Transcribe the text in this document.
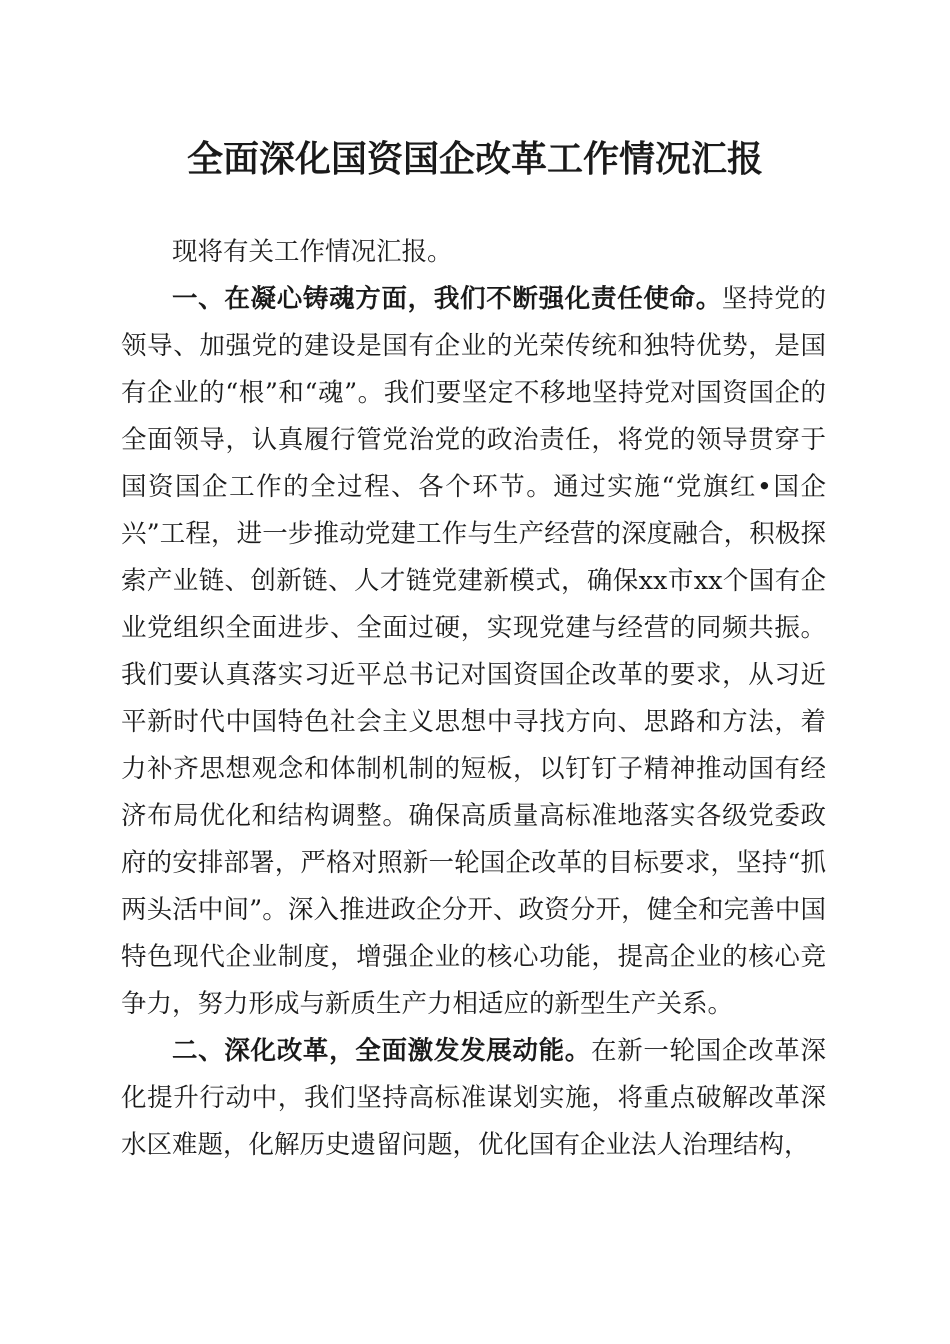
全面深化国资国企改革工作情况汇报

现将有关工作情况汇报。

一、在凝心铸魂方面，我们不断强化责任使命。坚持党的领导、加强党的建设是国有企业的光荣传统和独特优势，是国有企业的“根”和“魂”。我们要坚定不移地坚持党对国资国企的全面领导，认真履行管党治党的政治责任，将党的领导贯穿于国资国企工作的全过程、各个环节。通过实施“党旗红•国企兴”工程，进一步推动党建工作与生产经营的深度融合，积极探索产业链、创新链、人才链党建新模式，确保xx市xx个国有企业党组织全面进步、全面过硬，实现党建与经营的同频共振。我们要认真落实习近平总书记对国资国企改革的要求，从习近平新时代中国特色社会主义思想中寻找方向、思路和方法，着力补齐思想观念和体制机制的短板，以钉钉子精神推动国有经济布局优化和结构调整。确保高质量高标准地落实各级党委政府的安排部署，严格对照新一轮国企改革的目标要求，坚持“抓两头活中间”。深入推进政企分开、政资分开，健全和完善中国特色现代企业制度，增强企业的核心功能，提高企业的核心竞争力，努力形成与新质生产力相适应的新型生产关系。

二、深化改革，全面激发发展动能。在新一轮国企改革深化提升行动中，我们坚持高标准谋划实施，将重点破解改革深水区难题，化解历史遗留问题，优化国有企业法人治理结构，
